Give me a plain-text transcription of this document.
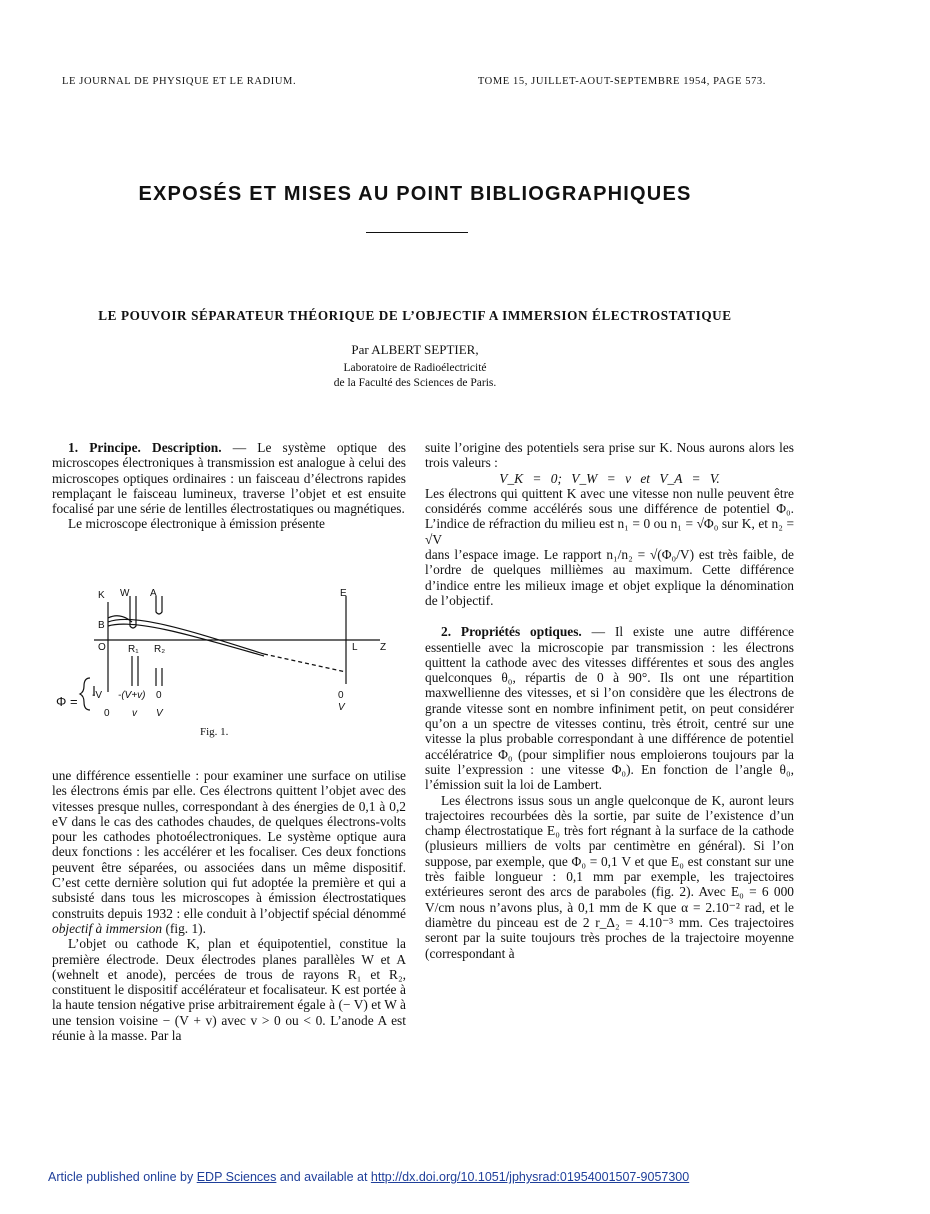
LE JOURNAL DE PHYSIQUE ET LE RADIUM.	TOME 15, JUILLET-AOUT-SEPTEMBRE 1954, PAGE 573.
EXPOSÉS ET MISES AU POINT BIBLIOGRAPHIQUES
LE POUVOIR SÉPARATEUR THÉORIQUE DE L’OBJECTIF A IMMERSION ÉLECTROSTATIQUE
Par ALBERT SEPTIER,
Laboratoire de Radioélectricité
de la Faculté des Sciences de Paris.

1. Principe. Description. — Le système optique des microscopes électroniques à transmission est analogue à celui des microscopes optiques ordinaires : un faisceau d’électrons rapides remplaçant le faisceau lumineux, traverse l’objet et est ensuite focalisé par une série de lentilles électrostatiques ou magnétiques.

Le microscope électronique à émission présente

K W A	E
B
O	L Z
R₁ R₂
Φ = -V
0
-(V+v)
v
0
V
0
V
Fig. 1.

une différence essentielle : pour examiner une surface on utilise les électrons émis par elle. Ces électrons quittent l’objet avec des vitesses presque nulles, correspondant à des énergies de 0,1 à 0,2 eV dans le cas des cathodes chaudes, de quelques électrons-volts pour les cathodes photoélectroniques. Le système optique aura deux fonctions : les accélérer et les focaliser. Ces deux fonctions peuvent être séparées, ou associées dans un même dispositif. C’est cette dernière solution qui fut adoptée la première et qui a subsisté dans tous les microscopes à émission électrostatiques construits depuis 1932 : elle conduit à l’objectif spécial dénommé objectif à immersion (fig. 1).

L’objet ou cathode K, plan et équipotentiel, constitue la première électrode. Deux électrodes planes parallèles W et A (wehnelt et anode), percées de trous de rayons R₁ et R₂, constituent le dispositif accélérateur et focalisateur. K est portée à la haute tension négative prise arbitrairement égale à (− V) et W à une tension voisine − (V + v) avec v > 0 ou < 0. L’anode A est réunie à la masse. Par la

suite l’origine des potentiels sera prise sur K. Nous aurons alors les trois valeurs :

V_K = 0; V_W = v et V_A = V.

Les électrons qui quittent K avec une vitesse non nulle peuvent être considérés comme accélérés sous une différence de potentiel Φ₀. L’indice de réfraction du milieu est n₁ = 0 ou n₁ = √Φ₀ sur K, et n₂ = √V

dans l’espace image. Le rapport n₁/n₂ = √(Φ₀/V) est très faible, de l’ordre de quelques millièmes au maximum. Cette différence d’indice entre les milieux image et objet explique la dénomination de l’objectif.

2. Propriétés optiques. — Il existe une autre différence essentielle avec la microscopie par transmission : les électrons quittent la cathode avec des vitesses différentes et sous des angles quelconques θ₀, répartis de 0 à 90°. Ils ont une répartition maxwellienne des vitesses, et si l’on considère que les électrons de grande vitesse sont en nombre infiniment petit, on peut considérer qu’on a un spectre de vitesses continu, très étroit, centré sur une vitesse la plus probable correspondant à une différence de potentiel accélératrice Φ₀ (pour simplifier nous emploierons toujours par la suite l’expression : une vitesse Φ₀). En fonction de l’angle θ₀, l’émission suit la loi de Lambert.

Les électrons issus sous un angle quelconque de K, auront leurs trajectoires recourbées dès la sortie, par suite de l’existence d’un champ électrostatique E₀ très fort régnant à la surface de la cathode (plusieurs milliers de volts par centimètre en général). Si l’on suppose, par exemple, que Φ₀ = 0,1 V et que E₀ est constant sur une très faible longueur : 0,1 mm par exemple, les trajectoires extérieures seront des arcs de paraboles (fig. 2). Avec E₀ = 6 000 V/cm nous n’avons plus, à 0,1 mm de K que α = 2.10⁻² rad, et le diamètre du pinceau est de 2 r_Δ₂ = 4.10⁻³ mm. Ces trajectoires seront par la suite toujours très proches de la trajectoire moyenne (correspondant à

Article published online by EDP Sciences and available at http://dx.doi.org/10.1051/jphysrad:01954001507-9057300
